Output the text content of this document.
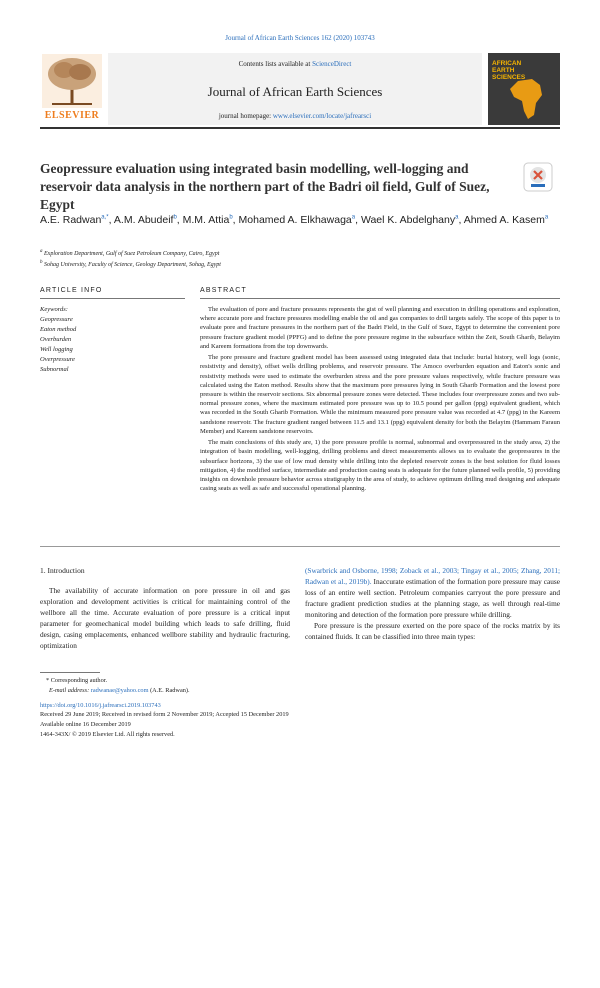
Journal of African Earth Sciences 162 (2020) 103743
ELSEVIER
Contents lists available at ScienceDirect
Journal of African Earth Sciences
journal homepage: www.elsevier.com/locate/jafrearsci
AFRICAN
EARTH
SCIENCES
Geopressure evaluation using integrated basin modelling, well-logging and reservoir data analysis in the northern part of the Badri oil field, Gulf of Suez, Egypt
A.E. Radwan$^{a,*}$, A.M. Abudeif$^b$, M.M. Attia$^b$, Mohamed A. Elkhawaga$^a$, Wael K. Abdelghany$^a$, Ahmed A. Kasem$^a$
$^a$ Exploration Department, Gulf of Suez Petroleum Company, Cairo, Egypt
$^b$ Sohag University, Faculty of Science, Geology Department, Sohag, Egypt
ARTICLE INFO	ABSTRACT
Keywords:
Geopressure
Eaton method
Overburden
Well logging
Overpressure
Subnormal

The evaluation of pore and fracture pressures represents the gist of well planning and execution in drilling operations and exploration, where accurate pore and fracture pressures modelling enable the oil and gas companies to drill targets safely. The scope of this paper is to evaluate pore and fracture pressures in the northern part of the Badri Field, in the Gulf of Suez, Egypt to determine the convenient pore pressure fracture gradient model (PPFG) and to define the pore pressure regime in the subsurface within the Zeit, South Gharib, Belayim and Kareem formations from the top downwards.

The pore pressure and fracture gradient model has been assessed using integrated data that include: burial history, well logs (sonic, resistivity and density), offset wells drilling problems, and reservoir pressure. The Amoco overburden equation and Eaton's sonic and resistivity methods were used to estimate the overburden stress and the pore pressure values respectively, while fracture pressure was calculated using the Eaton method. Results show that the maximum pore pressures lying in South Gharib Formation and the lowest pore pressure is within the reservoir sections. Six abnormal pressure zones were detected. These includes four overpressure zones and two sub-normal pressure zones, where the maximum estimated pore pressure was up to 10.5 pound per gallon (ppg) equivalent gradient, which was recorded in the South Gharib Formation. While the minimum measured pore pressure value was recorded at 4.7 (ppg) in the Kareem sandstone reservoir. The fracture gradient ranged between 11.5 and 13.1 (ppg) equivalent density for both the Belayim (Hammam Faraun Member) and Kareem sandstone reservoirs.

The main conclusions of this study are, 1) the pore pressure profile is normal, subnormal and overpressured in the study area, 2) the integration of basin modelling, well-logging, drilling problems and direct measurements allows us to evaluate the geopressures in the subsurface horizons, 3) the use of low mud density while drilling into the depleted reservoir zones is the best solution for fluid losses mitigation, 4) the modified surface, intermediate and production casing seats is adequate for the future planned wells profile, 5) providing insights on downhole pressure behavior across stratigraphy in the area of study, to achieve optimum drilling mud designing and adequate casing seats as well as safe and successful operational planning.

1. Introduction

The availability of accurate information on pore pressure in oil and gas exploration and development activities is critical for maintaining control of the wellbore all the time. Accurate evaluation of pore pressure is a critical input parameter for geomechanical model building which leads to safe drilling, fluid design, casing emplacements, enhanced wellbore stability and hydraulic fracturing, optimization

(Swarbrick and Osborne, 1998; Zoback et al., 2003; Tingay et al., 2005; Zhang, 2011; Radwan et al., 2019b). Inaccurate estimation of the formation pore pressure may cause loss of an entire well section. Petroleum companies carryout the pore pressure and fracture gradient prediction studies at the planning stage, as well through real-time monitoring and detection of the formation pore pressure while drilling.

Pore pressure is the pressure exerted on the pore space of the rocks matrix by its contained fluids. It can be classified into three main types:

* Corresponding author.
E-mail address: radwanae@yahoo.com (A.E. Radwan).
https://doi.org/10.1016/j.jafrearsci.2019.103743
Received 29 June 2019; Received in revised form 2 November 2019; Accepted 15 December 2019
Available online 16 December 2019
1464-343X/ © 2019 Elsevier Ltd. All rights reserved.
